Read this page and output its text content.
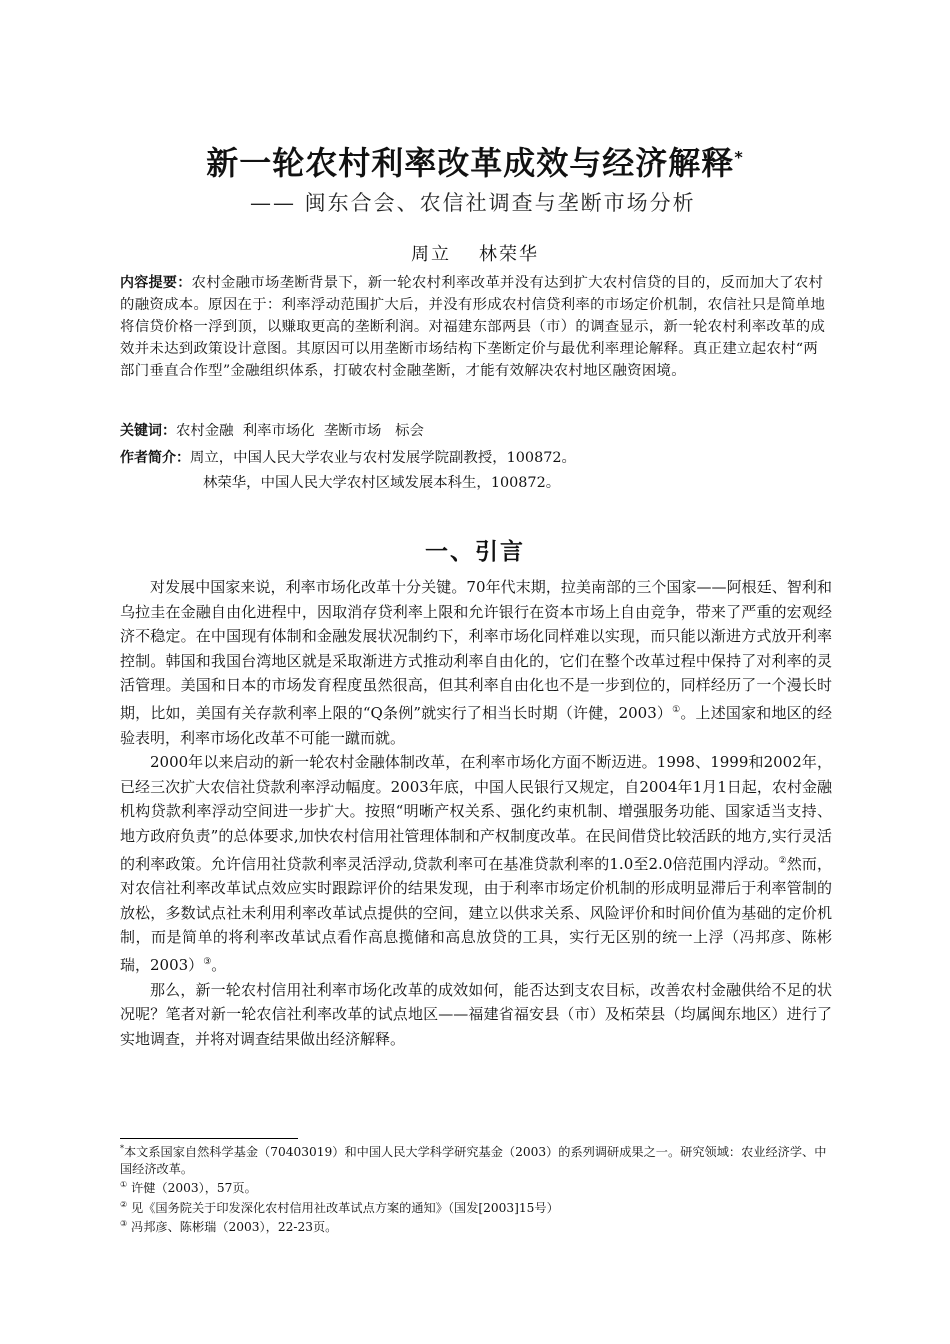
新一轮农村利率改革成效与经济解释*
—— 闽东合会、农信社调查与垄断市场分析
周立 林荣华
内容提要：农村金融市场垄断背景下，新一轮农村利率改革并没有达到扩大农村信贷的目的，反而加大了农村的融资成本。原因在于：利率浮动范围扩大后，并没有形成农村信贷利率的市场定价机制，农信社只是简单地将信贷价格一浮到顶，以赚取更高的垄断利润。对福建东部两县（市）的调查显示，新一轮农村利率改革的成效并未达到政策设计意图。其原因可以用垄断市场结构下垄断定价与最优利率理论解释。真正建立起农村“两部门垂直合作型”金融组织体系，打破农村金融垄断，才能有效解决农村地区融资困境。
关键词：农村金融  利率市场化  垄断市场   标会
作者简介：周立，中国人民大学农业与农村发展学院副教授，100872。
林荣华，中国人民大学农村区域发展本科生，100872。
一、引言

对发展中国家来说，利率市场化改革十分关键。70年代末期，拉美南部的三个国家——阿根廷、智利和乌拉圭在金融自由化进程中，因取消存贷利率上限和允许银行在资本市场上自由竞争，带来了严重的宏观经济不稳定。在中国现有体制和金融发展状况制约下，利率市场化同样难以实现，而只能以渐进方式放开利率控制。韩国和我国台湾地区就是采取渐进方式推动利率自由化的，它们在整个改革过程中保持了对利率的灵活管理。美国和日本的市场发育程度虽然很高，但其利率自由化也不是一步到位的，同样经历了一个漫长时期，比如，美国有关存款利率上限的“Q条例”就实行了相当长时期（许健，2003）①。上述国家和地区的经验表明，利率市场化改革不可能一蹴而就。

2000年以来启动的新一轮农村金融体制改革，在利率市场化方面不断迈进。1998、1999和2002年，已经三次扩大农信社贷款利率浮动幅度。2003年底，中国人民银行又规定，自2004年1月1日起，农村金融机构贷款利率浮动空间进一步扩大。按照“明晰产权关系、强化约束机制、增强服务功能、国家适当支持、地方政府负责”的总体要求,加快农村信用社管理体制和产权制度改革。在民间借贷比较活跃的地方,实行灵活的利率政策。允许信用社贷款利率灵活浮动,贷款利率可在基准贷款利率的1.0至2.0倍范围内浮动。②然而，对农信社利率改革试点效应实时跟踪评价的结果发现，由于利率市场定价机制的形成明显滞后于利率管制的放松，多数试点社未利用利率改革试点提供的空间，建立以供求关系、风险评价和时间价值为基础的定价机制，而是简单的将利率改革试点看作高息揽储和高息放贷的工具，实行无区别的统一上浮（冯邦彦、陈彬瑞，2003）③。

那么，新一轮农村信用社利率市场化改革的成效如何，能否达到支农目标，改善农村金融供给不足的状况呢？笔者对新一轮农信社利率改革的试点地区——福建省福安县（市）及柘荣县（均属闽东地区）进行了实地调查，并将对调查结果做出经济解释。

*本文系国家自然科学基金（70403019）和中国人民大学科学研究基金（2003）的系列调研成果之一。研究领域：农业经济学、中国经济改革。
① 许健（2003），57页。
② 见《国务院关于印发深化农村信用社改革试点方案的通知》（国发[2003]15号）
③ 冯邦彦、陈彬瑞（2003），22-23页。
